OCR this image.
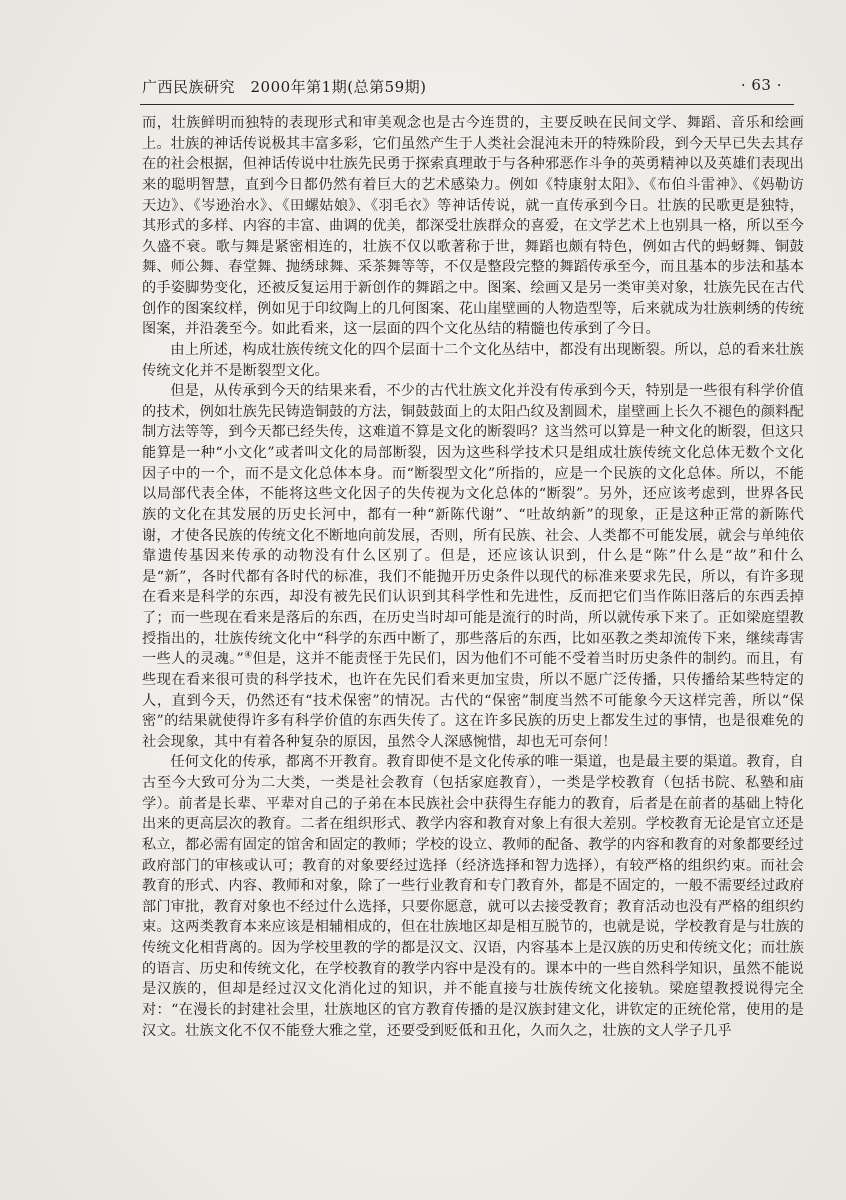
广西民族研究　2000年第1期(总第59期)	· 63 ·

而，壮族鲜明而独特的表现形式和审美观念也是古今连贯的，主要反映在民间文学、舞蹈、音乐和绘画上。壮族的神话传说极其丰富多彩，它们虽然产生于人类社会混沌未开的特殊阶段，到今天早已失去其存在的社会根据，但神话传说中壮族先民勇于探索真理敢于与各种邪恶作斗争的英勇精神以及英雄们表现出来的聪明智慧，直到今日都仍然有着巨大的艺术感染力。例如《特康射太阳》、《布伯斗雷神》、《妈勒访天边》、《岑逊治水》、《田螺姑娘》、《羽毛衣》等神话传说，就一直传承到今日。壮族的民歌更是独特，其形式的多样、内容的丰富、曲调的优美，都深受壮族群众的喜爱，在文学艺术上也别具一格，所以至今久盛不衰。歌与舞是紧密相连的，壮族不仅以歌著称于世，舞蹈也颇有特色，例如古代的蚂蚜舞、铜鼓舞、师公舞、春堂舞、抛绣球舞、采茶舞等等，不仅是整段完整的舞蹈传承至今，而且基本的步法和基本的手姿脚势变化，还被反复运用于新创作的舞蹈之中。图案、绘画又是另一类审美对象，壮族先民在古代创作的图案纹样，例如见于印纹陶上的几何图案、花山崖壁画的人物造型等，后来就成为壮族刺绣的传统图案，并沿袭至今。如此看来，这一层面的四个文化丛结的精髓也传承到了今日。

由上所述，构成壮族传统文化的四个层面十二个文化丛结中，都没有出现断裂。所以，总的看来壮族传统文化并不是断裂型文化。

但是，从传承到今天的结果来看，不少的古代壮族文化并没有传承到今天，特别是一些很有科学价值的技术，例如壮族先民铸造铜鼓的方法，铜鼓鼓面上的太阳凸纹及割圆术，崖壁画上长久不褪色的颜料配制方法等等，到今天都已经失传，这难道不算是文化的断裂吗？这当然可以算是一种文化的断裂，但这只能算是一种“小文化”或者叫文化的局部断裂，因为这些科学技术只是组成壮族传统文化总体无数个文化因子中的一个，而不是文化总体本身。而“断裂型文化”所指的，应是一个民族的文化总体。所以，不能以局部代表全体，不能将这些文化因子的失传视为文化总体的“断裂”。另外，还应该考虑到，世界各民族的文化在其发展的历史长河中，都有一种“新陈代谢”、“吐故纳新”的现象，正是这种正常的新陈代谢，才使各民族的传统文化不断地向前发展，否则，所有民族、社会、人类都不可能发展，就会与单纯依靠遗传基因来传承的动物没有什么区别了。但是，还应该认识到，什么是“陈”什么是“故”和什么是“新”，各时代都有各时代的标准，我们不能抛开历史条件以现代的标准来要求先民，所以，有许多现在看来是科学的东西，却没有被先民们认识到其科学性和先进性，反而把它们当作陈旧落后的东西丢掉了；而一些现在看来是落后的东西，在历史当时却可能是流行的时尚，所以就传承下来了。正如梁庭望教授指出的，壮族传统文化中“科学的东西中断了，那些落后的东西，比如巫教之类却流传下来，继续毒害一些人的灵魂。”④但是，这并不能责怪于先民们，因为他们不可能不受着当时历史条件的制约。而且，有些现在看来很可贵的科学技术，也许在先民们看来更加宝贵，所以不愿广泛传播，只传播给某些特定的人，直到今天，仍然还有“技术保密”的情况。古代的“保密”制度当然不可能象今天这样完善，所以“保密”的结果就使得许多有科学价值的东西失传了。这在许多民族的历史上都发生过的事情，也是很难免的社会现象，其中有着各种复杂的原因，虽然令人深感惋惜，却也无可奈何！

任何文化的传承，都离不开教育。教育即使不是文化传承的唯一渠道，也是最主要的渠道。教育，自古至今大致可分为二大类，一类是社会教育（包括家庭教育），一类是学校教育（包括书院、私塾和庙学）。前者是长辈、平辈对自己的子弟在本民族社会中获得生存能力的教育，后者是在前者的基础上特化出来的更高层次的教育。二者在组织形式、教学内容和教育对象上有很大差别。学校教育无论是官立还是私立，都必需有固定的馆舍和固定的教师；学校的设立、教师的配备、教学的内容和教育的对象都要经过政府部门的审核或认可；教育的对象要经过选择（经济选择和智力选择），有较严格的组织约束。而社会教育的形式、内容、教师和对象，除了一些行业教育和专门教育外，都是不固定的，一般不需要经过政府部门审批，教育对象也不经过什么选择，只要你愿意，就可以去接受教育；教育活动也没有严格的组织约束。这两类教育本来应该是相辅相成的，但在壮族地区却是相互脱节的，也就是说，学校教育是与壮族的传统文化相背离的。因为学校里教的学的都是汉文、汉语，内容基本上是汉族的历史和传统文化；而壮族的语言、历史和传统文化，在学校教育的教学内容中是没有的。课本中的一些自然科学知识，虽然不能说是汉族的，但却是经过汉文化消化过的知识，并不能直接与壮族传统文化接轨。梁庭望教授说得完全对：“在漫长的封建社会里，壮族地区的官方教育传播的是汉族封建文化，讲钦定的正统伦常，使用的是汉文。壮族文化不仅不能登大雅之堂，还要受到贬低和丑化，久而久之，壮族的文人学子几乎
